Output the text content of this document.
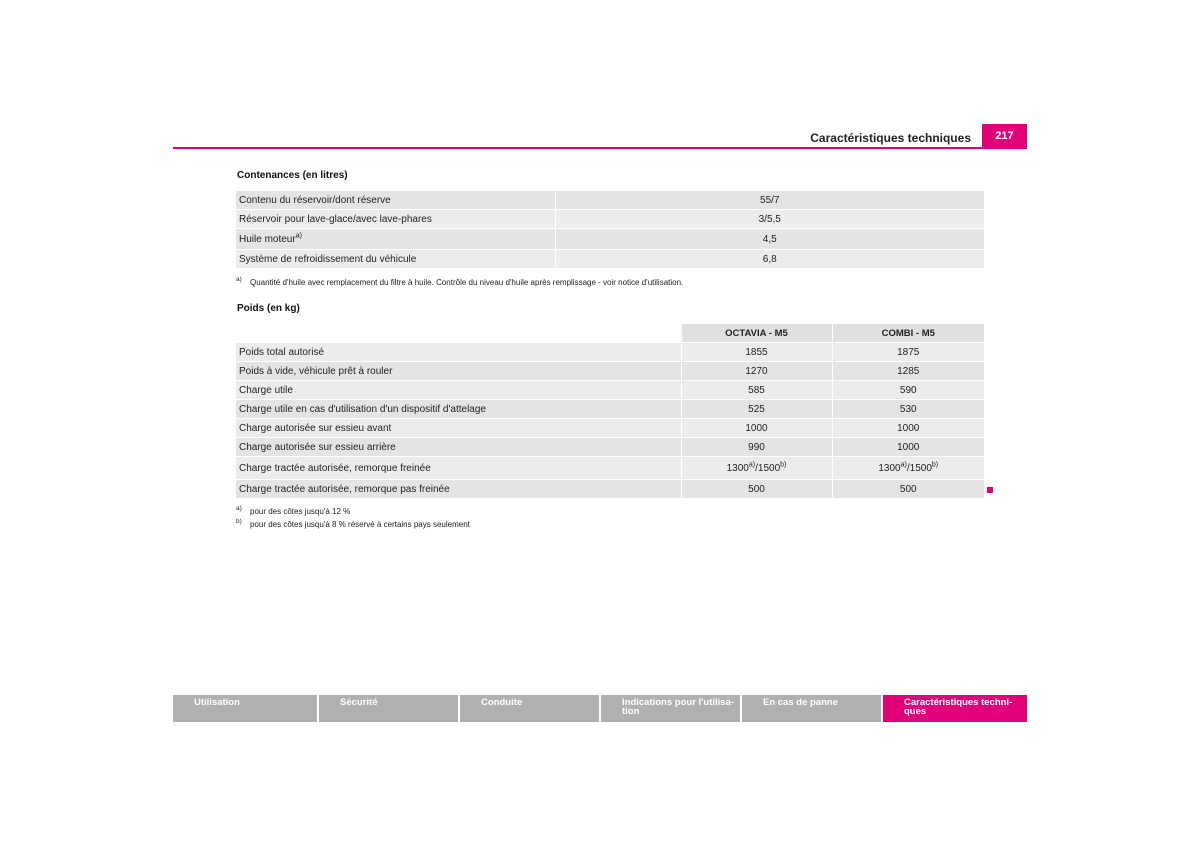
Caractéristiques techniques	217
Contenances (en litres)
Contenu du réservoir/dont réserve	55/7
Réservoir pour lave-glace/avec lave-phares	3/5,5
Huile moteur$^{a)}$	4,5
Système de refroidissement du véhicule	6,8
a)	Quantité d'huile avec remplacement du filtre à huile. Contrôle du niveau d'huile après remplissage - voir notice d'utilisation.
Poids (en kg)
	OCTAVIA - M5	COMBI - M5
Poids total autorisé	1855	1875
Poids à vide, véhicule prêt à rouler	1270	1285
Charge utile	585	590
Charge utile en cas d'utilisation d'un dispositif d'attelage	525	530
Charge autorisée sur essieu avant	1000	1000
Charge autorisée sur essieu arrière	990	1000
Charge tractée autorisée, remorque freinée	1300$^{a)}$/1500$^{b)}$	1300$^{a)}$/1500$^{b)}$
Charge tractée autorisée, remorque pas freinée	500	500
a)	pour des côtes jusqu'à 12 %
b)	pour des côtes jusqu'à 8 % réservé à certains pays seulement
Utilisation	Sécurité	Conduite	Indications pour l'utilisa-
tion
En cas de panne	Caractéristiques techni-
ques
